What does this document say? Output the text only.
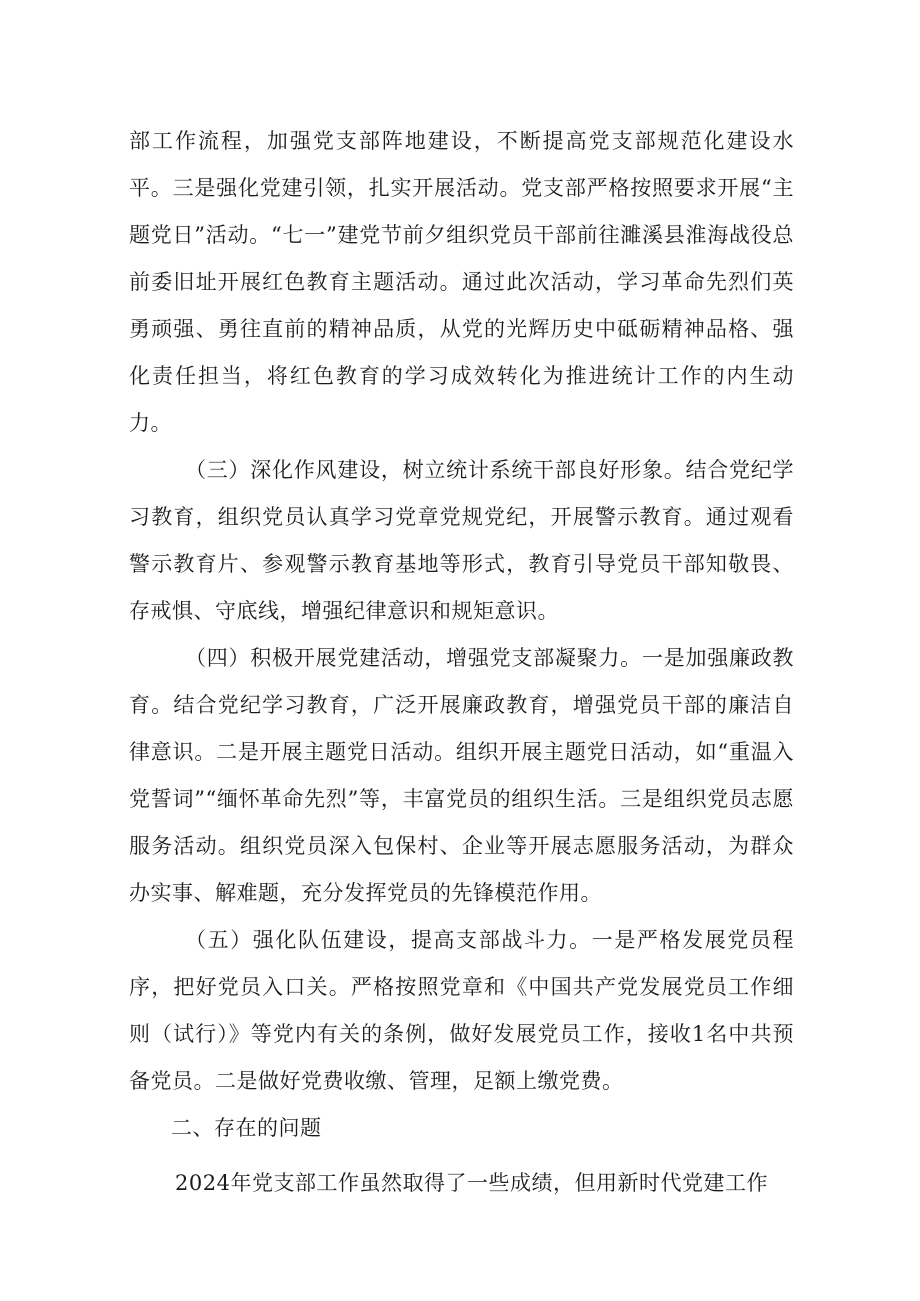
部工作流程，加强党支部阵地建设，不断提高党支部规范化建设水平。三是强化党建引领，扎实开展活动。党支部严格按照要求开展“主题党日”活动。“七一”建党节前夕组织党员干部前往濉溪县淮海战役总前委旧址开展红色教育主题活动。通过此次活动，学习革命先烈们英勇顽强、勇往直前的精神品质，从党的光辉历史中砥砺精神品格、强化责任担当，将红色教育的学习成效转化为推进统计工作的内生动力。

（三）深化作风建设，树立统计系统干部良好形象。结合党纪学习教育，组织党员认真学习党章党规党纪，开展警示教育。通过观看警示教育片、参观警示教育基地等形式，教育引导党员干部知敬畏、存戒惧、守底线，增强纪律意识和规矩意识。

（四）积极开展党建活动，增强党支部凝聚力。一是加强廉政教育。结合党纪学习教育，广泛开展廉政教育，增强党员干部的廉洁自律意识。二是开展主题党日活动。组织开展主题党日活动，如“重温入党誓词”“缅怀革命先烈”等，丰富党员的组织生活。三是组织党员志愿服务活动。组织党员深入包保村、企业等开展志愿服务活动，为群众办实事、解难题，充分发挥党员的先锋模范作用。

（五）强化队伍建设，提高支部战斗力。一是严格发展党员程序，把好党员入口关。严格按照党章和《中国共产党发展党员工作细则（试行）》等党内有关的条例，做好发展党员工作，接收1名中共预备党员。二是做好党费收缴、管理，足额上缴党费。

二、存在的问题

2024年党支部工作虽然取得了一些成绩，但用新时代党建工作
